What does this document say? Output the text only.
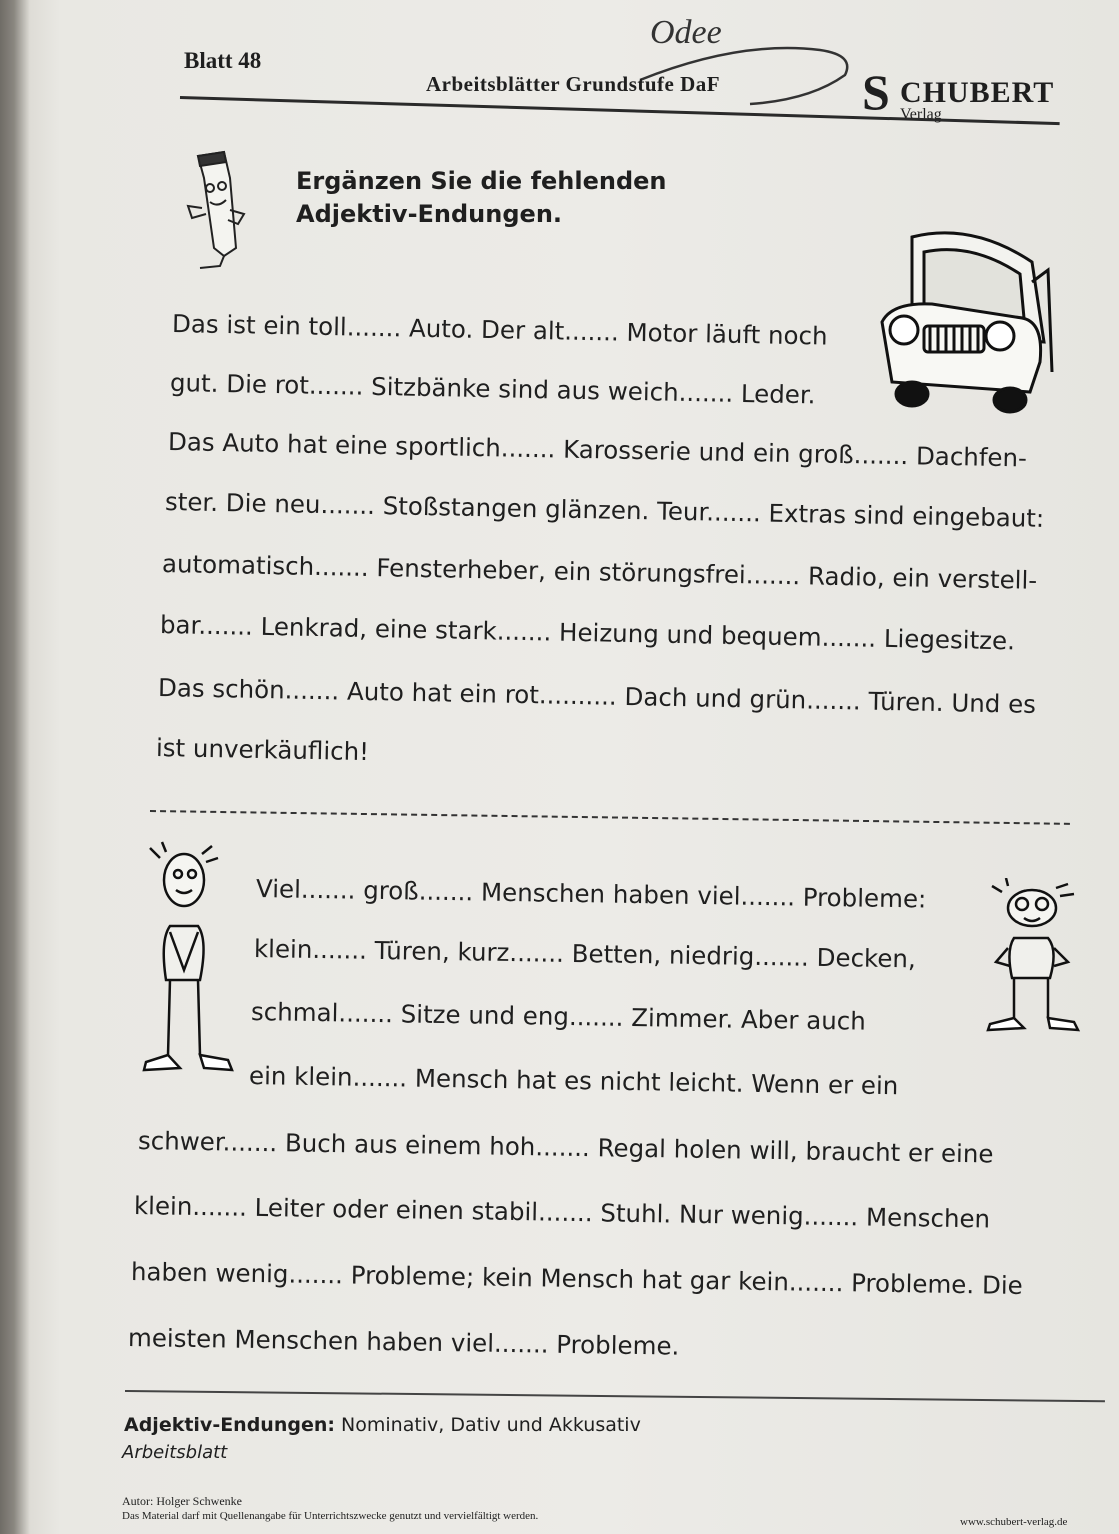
Odee
Blatt 48
Arbeitsblätter Grundstufe DaF	S CHUBERT
Verlag
Ergänzen Sie die fehlenden
Adjektiv-Endungen.
Das ist ein toll....... Auto. Der alt....... Motor läuft noch
gut. Die rot....... Sitzbänke sind aus weich....... Leder.
Das Auto hat eine sportlich....... Karosserie und ein groß....... Dachfen-
ster. Die neu....... Stoßstangen glänzen. Teur....... Extras sind eingebaut:
automatisch....... Fensterheber, ein störungsfrei....... Radio, ein verstell-
bar....... Lenkrad, eine stark....... Heizung und bequem....... Liegesitze.
Das schön....... Auto hat ein rot.......... Dach und grün....... Türen. Und es
ist unverkäuflich!
Viel....... groß....... Menschen haben viel....... Probleme:
klein....... Türen, kurz....... Betten, niedrig....... Decken,
schmal....... Sitze und eng....... Zimmer. Aber auch
ein klein....... Mensch hat es nicht leicht. Wenn er ein
schwer....... Buch aus einem hoh....... Regal holen will, braucht er eine
klein....... Leiter oder einen stabil....... Stuhl. Nur wenig....... Menschen
haben wenig....... Probleme; kein Mensch hat gar kein....... Probleme. Die
meisten Menschen haben viel....... Probleme.
Adjektiv-Endungen: Nominativ, Dativ und Akkusativ
Arbeitsblatt
Autor: Holger Schwenke
Das Material darf mit Quellenangabe für Unterrichtszwecke genutzt und vervielfältigt werden.	www.schubert-verlag.de
